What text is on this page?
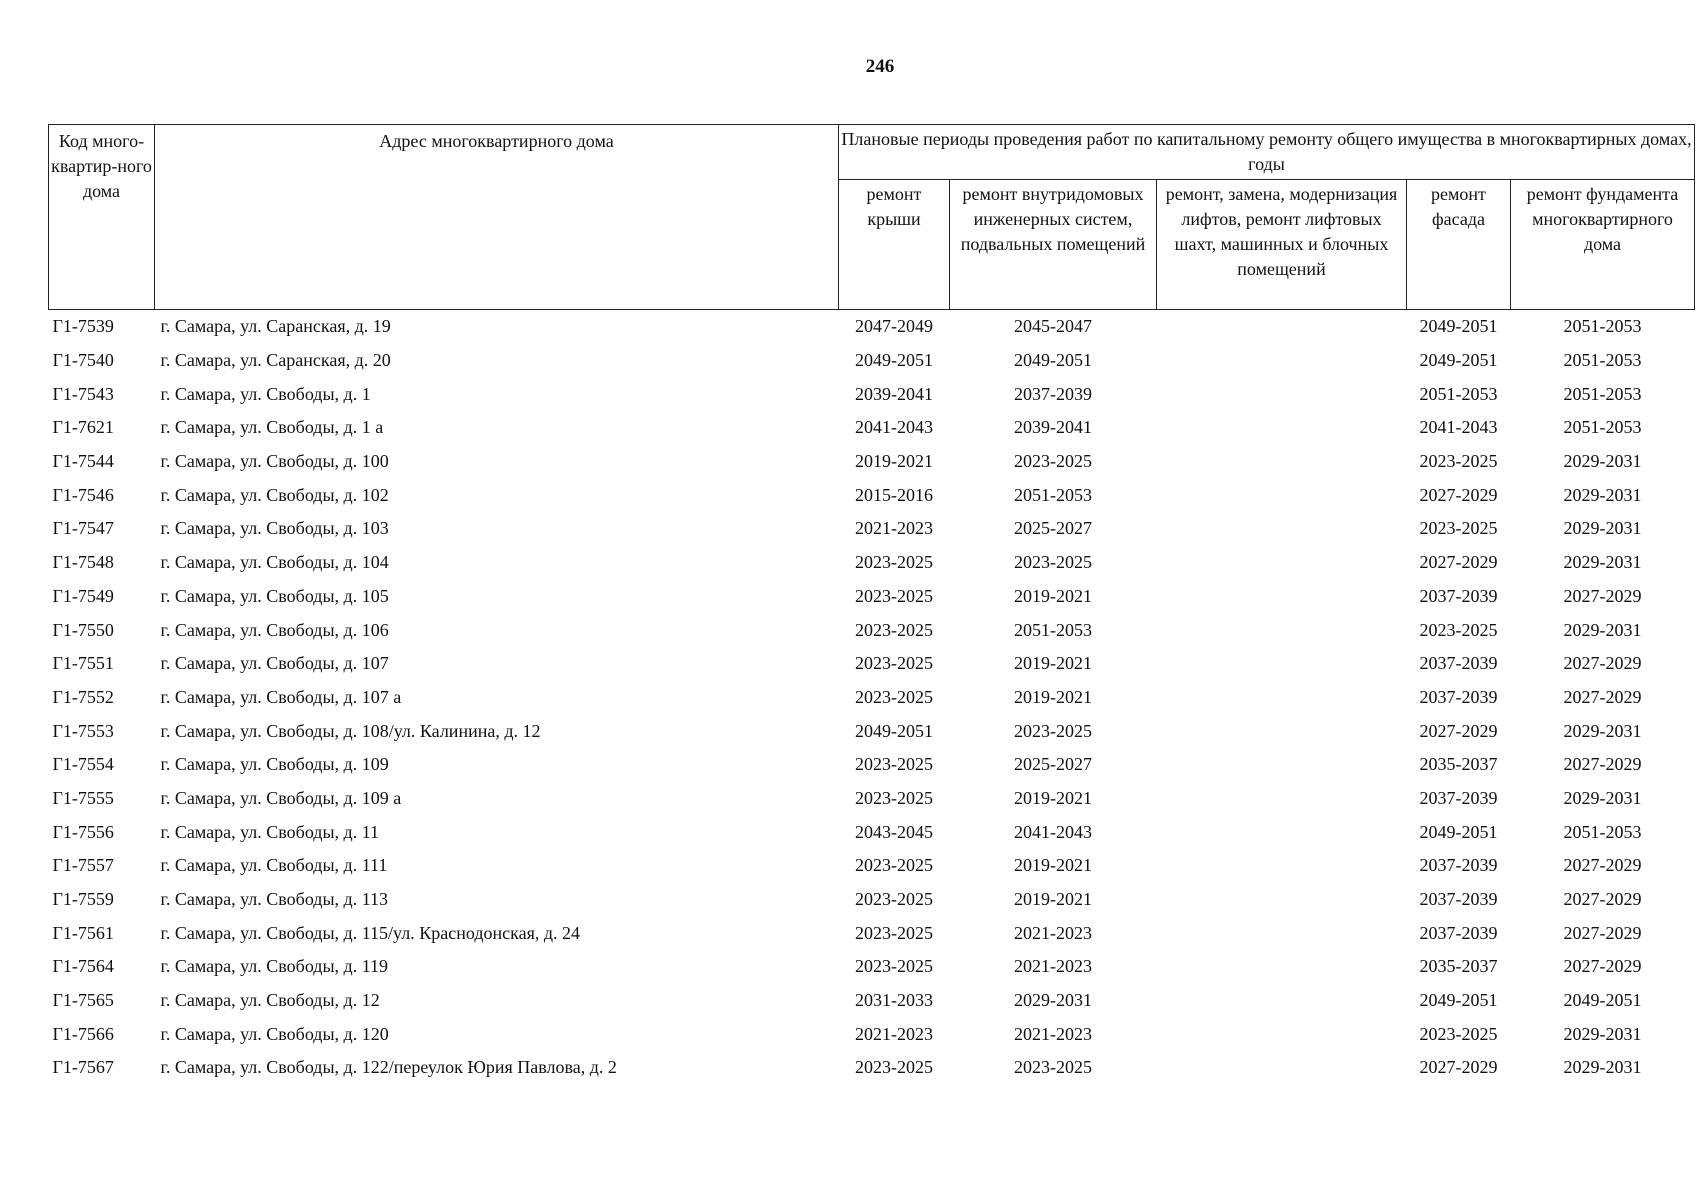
246
Код много-квартир-ного дома	Адрес многоквартирного дома	Плановые периоды проведения работ по капитальному ремонту общего имущества в многоквартирных домах, годы				
		ремонт крыши	ремонт внутридомовых инженерных систем, подвальных помещений	ремонт, замена, модернизация лифтов, ремонт лифтовых шахт, машинных и блочных помещений	ремонт фасада	ремонт фундамента многоквартирного дома
Г1-7539	г. Самара, ул. Саранская, д. 19	2047-2049	2045-2047		2049-2051	2051-2053
Г1-7540	г. Самара, ул. Саранская, д. 20	2049-2051	2049-2051		2049-2051	2051-2053
Г1-7543	г. Самара, ул. Свободы, д. 1	2039-2041	2037-2039		2051-2053	2051-2053
Г1-7621	г. Самара, ул. Свободы, д. 1 а	2041-2043	2039-2041		2041-2043	2051-2053
Г1-7544	г. Самара, ул. Свободы, д. 100	2019-2021	2023-2025		2023-2025	2029-2031
Г1-7546	г. Самара, ул. Свободы, д. 102	2015-2016	2051-2053		2027-2029	2029-2031
Г1-7547	г. Самара, ул. Свободы, д. 103	2021-2023	2025-2027		2023-2025	2029-2031
Г1-7548	г. Самара, ул. Свободы, д. 104	2023-2025	2023-2025		2027-2029	2029-2031
Г1-7549	г. Самара, ул. Свободы, д. 105	2023-2025	2019-2021		2037-2039	2027-2029
Г1-7550	г. Самара, ул. Свободы, д. 106	2023-2025	2051-2053		2023-2025	2029-2031
Г1-7551	г. Самара, ул. Свободы, д. 107	2023-2025	2019-2021		2037-2039	2027-2029
Г1-7552	г. Самара, ул. Свободы, д. 107 а	2023-2025	2019-2021		2037-2039	2027-2029
Г1-7553	г. Самара, ул. Свободы, д. 108/ул. Калинина, д. 12	2049-2051	2023-2025		2027-2029	2029-2031
Г1-7554	г. Самара, ул. Свободы, д. 109	2023-2025	2025-2027		2035-2037	2027-2029
Г1-7555	г. Самара, ул. Свободы, д. 109 а	2023-2025	2019-2021		2037-2039	2029-2031
Г1-7556	г. Самара, ул. Свободы, д. 11	2043-2045	2041-2043		2049-2051	2051-2053
Г1-7557	г. Самара, ул. Свободы, д. 111	2023-2025	2019-2021		2037-2039	2027-2029
Г1-7559	г. Самара, ул. Свободы, д. 113	2023-2025	2019-2021		2037-2039	2027-2029
Г1-7561	г. Самара, ул. Свободы, д. 115/ул. Краснодонская, д. 24	2023-2025	2021-2023		2037-2039	2027-2029
Г1-7564	г. Самара, ул. Свободы, д. 119	2023-2025	2021-2023		2035-2037	2027-2029
Г1-7565	г. Самара, ул. Свободы, д. 12	2031-2033	2029-2031		2049-2051	2049-2051
Г1-7566	г. Самара, ул. Свободы, д. 120	2021-2023	2021-2023		2023-2025	2029-2031
Г1-7567	г. Самара, ул. Свободы, д. 122/переулок Юрия Павлова, д. 2	2023-2025	2023-2025		2027-2029	2029-2031
